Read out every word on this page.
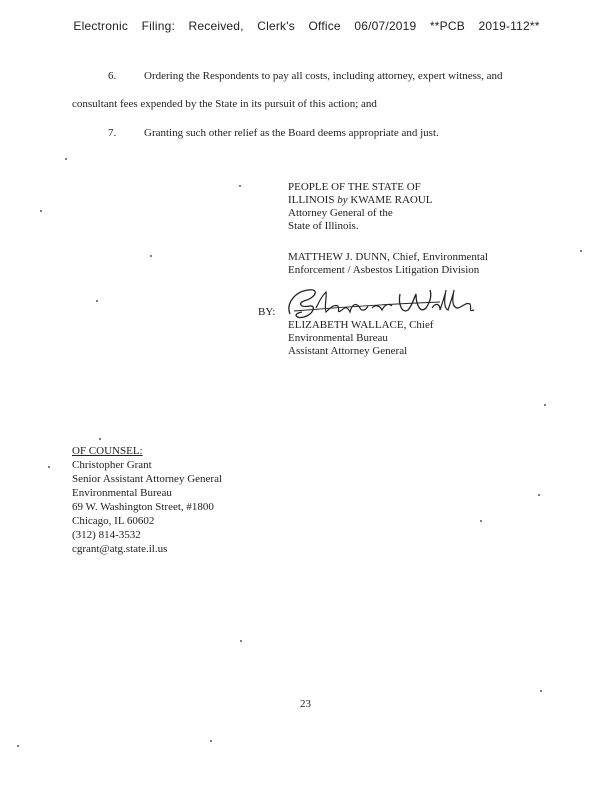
Electronic Filing: Received, Clerk's Office 06/07/2019 **PCB 2019-112**
6.	Ordering the Respondents to pay all costs, including attorney, expert witness, and
consultant fees expended by the State in its pursuit of this action; and
7.	Granting such other relief as the Board deems appropriate and just.
PEOPLE OF THE STATE OF
ILLINOIS by KWAME RAOUL
Attorney General of the
State of Illinois.
MATTHEW J. DUNN, Chief, Environmental
Enforcement / Asbestos Litigation Division
BY:
ELIZABETH WALLACE, Chief
Environmental Bureau
Assistant Attorney General
OF COUNSEL:
Christopher Grant
Senior Assistant Attorney General
Environmental Bureau
69 W. Washington Street, #1800
Chicago, IL 60602
(312) 814-3532
cgrant@atg.state.il.us
23
